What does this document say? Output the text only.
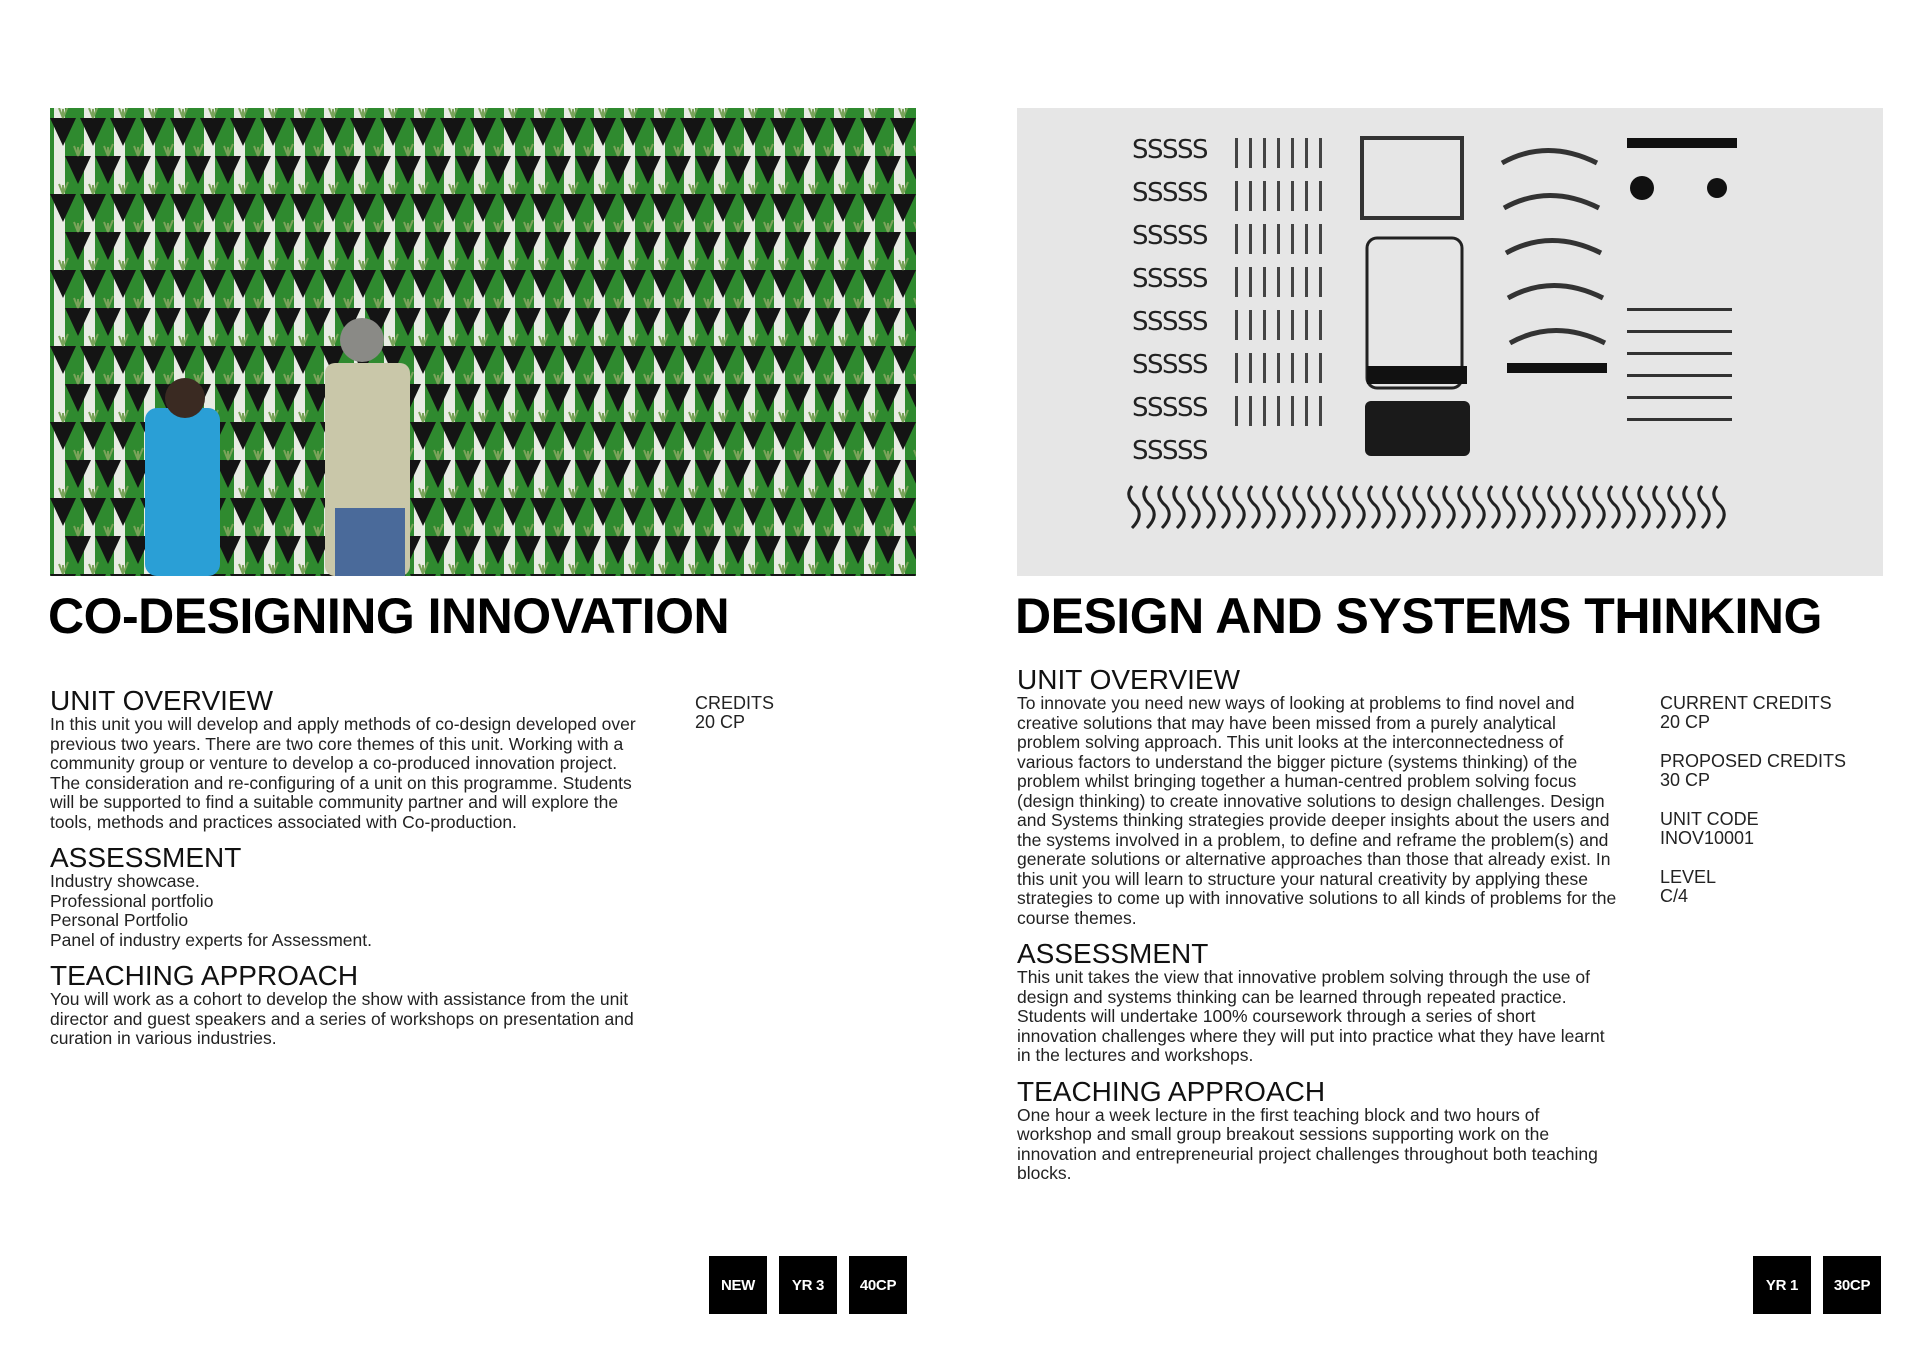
CO-DESIGNING INNOVATION
UNIT OVERVIEW

In this unit you will develop and apply methods of co-design developed over previous two years. There are two core themes of this unit. Working with a community group or venture to develop a co-produced innovation project. The consideration and re-configuring of a unit on this programme. Students will be supported to find a suitable community partner and will explore the tools, methods and practices associated with Co-production.

ASSESSMENT
Industry showcase.
Professional portfolio
Personal Portfolio
Panel of industry experts for Assessment.
TEACHING APPROACH

You will work as a cohort to develop the show with assistance from the unit director and guest speakers and a series of workshops on presentation and curation in various industries.

CREDITS

20 CP

NEW	YR 3	40CP
S
S
S
S
S
S
S
S
S
S
S
S
S
S
S
S
S
S
S
S
S
S
S
S
S
S
S
S
S
S
S
S
S
S
S
S
S
S
S
S
DESIGN AND SYSTEMS THINKING
UNIT OVERVIEW

To innovate you need new ways of looking at problems to find novel and creative solutions that may have been missed from a purely analytical problem solving approach. This unit looks at the interconnectedness of various factors to understand the bigger picture (systems thinking) of the problem whilst bringing together a human-centred problem solving focus (design thinking) to create innovative solutions to design challenges. Design and Systems thinking strategies provide deeper insights about the users and the systems involved in a problem, to define and reframe the problem(s) and generate solutions or alternative approaches than those that already exist. In this unit you will learn to structure your natural creativity by applying these strategies to come up with innovative solutions to all kinds of problems for the course themes.

ASSESSMENT

This unit takes the view that innovative problem solving through the use of design and systems thinking can be learned through repeated practice. Students will undertake 100% coursework through a series of short innovation challenges where they will put into practice what they have learnt in the lectures and workshops.

TEACHING APPROACH

One hour a week lecture in the first teaching block and two hours of workshop and small group breakout sessions supporting work on the innovation and entrepreneurial project challenges throughout both teaching blocks.

CURRENT CREDITS

20 CP

PROPOSED CREDITS

30 CP

UNIT CODE

INOV10001

LEVEL

C/4

YR 1	30CP
